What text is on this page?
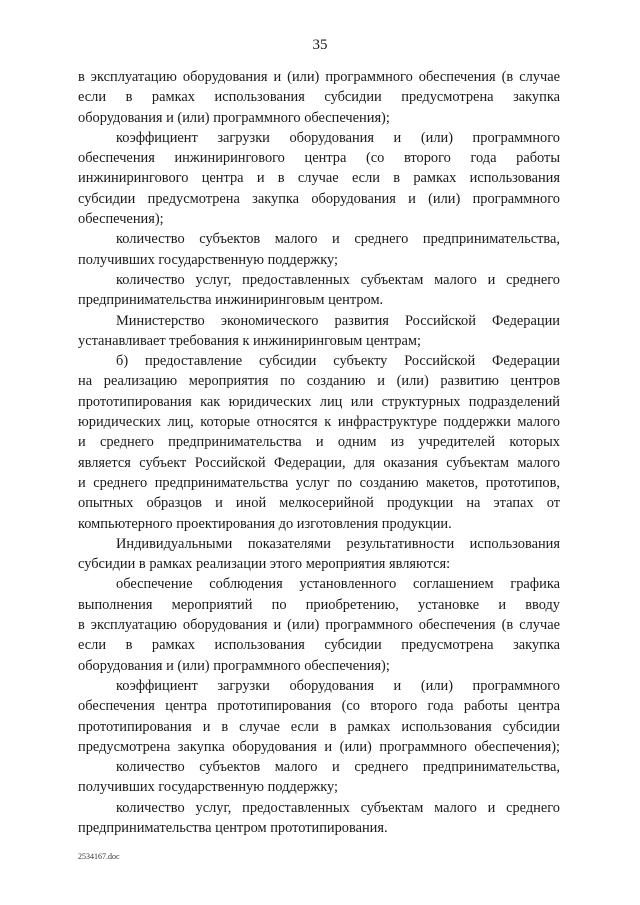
35
в эксплуатацию оборудования и (или) программного обеспечения (в случае
если в рамках использования субсидии предусмотрена закупка
оборудования и (или) программного обеспечения);
коэффициент загрузки оборудования и (или) программного
обеспечения инжинирингового центра (со второго года работы
инжинирингового центра и в случае если в рамках использования
субсидии предусмотрена закупка оборудования и (или) программного
обеспечения);
количество субъектов малого и среднего предпринимательства,
получивших государственную поддержку;
количество услуг, предоставленных субъектам малого и среднего
предпринимательства инжиниринговым центром.
Министерство экономического развития Российской Федерации
устанавливает требования к инжиниринговым центрам;
б) предоставление субсидии субъекту Российской Федерации
на реализацию мероприятия по созданию и (или) развитию центров
прототипирования как юридических лиц или структурных подразделений
юридических лиц, которые относятся к инфраструктуре поддержки малого
и среднего предпринимательства и одним из учредителей которых
является субъект Российской Федерации, для оказания субъектам малого
и среднего предпринимательства услуг по созданию макетов, прототипов,
опытных образцов и иной мелкосерийной продукции на этапах от
компьютерного проектирования до изготовления продукции.
Индивидуальными показателями результативности использования
субсидии в рамках реализации этого мероприятия являются:
обеспечение соблюдения установленного соглашением графика
выполнения мероприятий по приобретению, установке и вводу
в эксплуатацию оборудования и (или) программного обеспечения (в случае
если в рамках использования субсидии предусмотрена закупка
оборудования и (или) программного обеспечения);
коэффициент загрузки оборудования и (или) программного
обеспечения центра прототипирования (со второго года работы центра
прототипирования и в случае если в рамках использования субсидии
предусмотрена закупка оборудования и (или) программного обеспечения);
количество субъектов малого и среднего предпринимательства,
получивших государственную поддержку;
количество услуг, предоставленных субъектам малого и среднего
предпринимательства центром прототипирования.
2534167.doc
